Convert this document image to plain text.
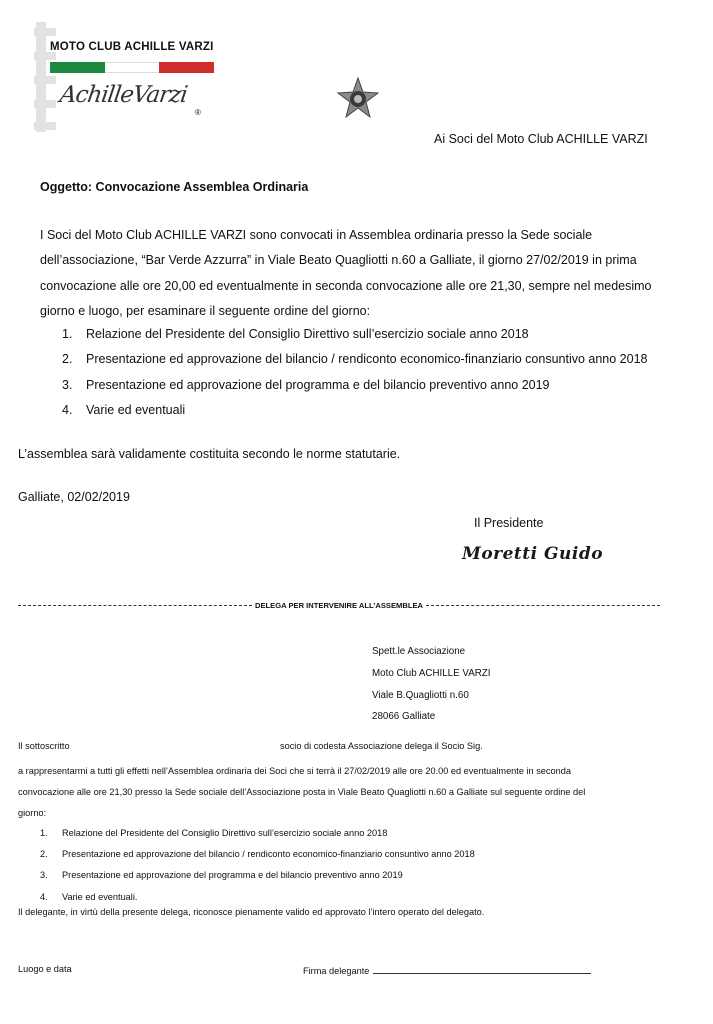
MOTO CLUB ACHILLE VARZI
AchilleVarzi
®
Ai Soci del Moto Club ACHILLE VARZI
Oggetto: Convocazione Assemblea Ordinaria

I Soci del Moto Club ACHILLE VARZI sono convocati in Assemblea ordinaria presso la Sede sociale

dell’associazione, “Bar Verde Azzurra” in Viale Beato Quagliotti n.60 a Galliate, il giorno 27/02/2019 in prima

convocazione alle ore 20,00 ed eventualmente in seconda convocazione alle ore 21,30, sempre nel medesimo

giorno e luogo, per esaminare il seguente ordine del giorno:

1. Relazione del Presidente del Consiglio Direttivo sull’esercizio sociale anno 2018
2. Presentazione ed approvazione del bilancio / rendiconto economico-finanziario consuntivo anno 2018
3. Presentazione ed approvazione del programma e del bilancio preventivo anno 2019
4. Varie ed eventuali
L’assemblea sarà validamente costituita secondo le norme statutarie.
Galliate, 02/02/2019
Il Presidente
Moretti Guido
DELEGA PER INTERVENIRE ALL’ASSEMBLEA
Spett.le Associazione
Moto Club ACHILLE VARZI
Viale B.Quagliotti n.60
28066 Galliate
Il sottoscritto	socio di codesta Associazione delega il Socio Sig.

a rappresentarmi a tutti gli effetti nell’Assemblea ordinaria dei Soci che si terrà il 27/02/2019 alle ore 20.00 ed eventualmente in seconda

convocazione alle ore 21,30 presso la Sede sociale dell’Associazione posta in Viale Beato Quagliotti n.60 a Galliate sul seguente ordine del

giorno:

1. Relazione del Presidente del Consiglio Direttivo sull’esercizio sociale anno 2018
2. Presentazione ed approvazione del bilancio / rendiconto economico-finanziario consuntivo anno 2018
3. Presentazione ed approvazione del programma e del bilancio preventivo anno 2019
4. Varie ed eventuali.
Il delegante, in virtù della presente delega, riconosce pienamente valido ed approvato l’intero operato del delegato.
Luogo e data	Firma delegante
